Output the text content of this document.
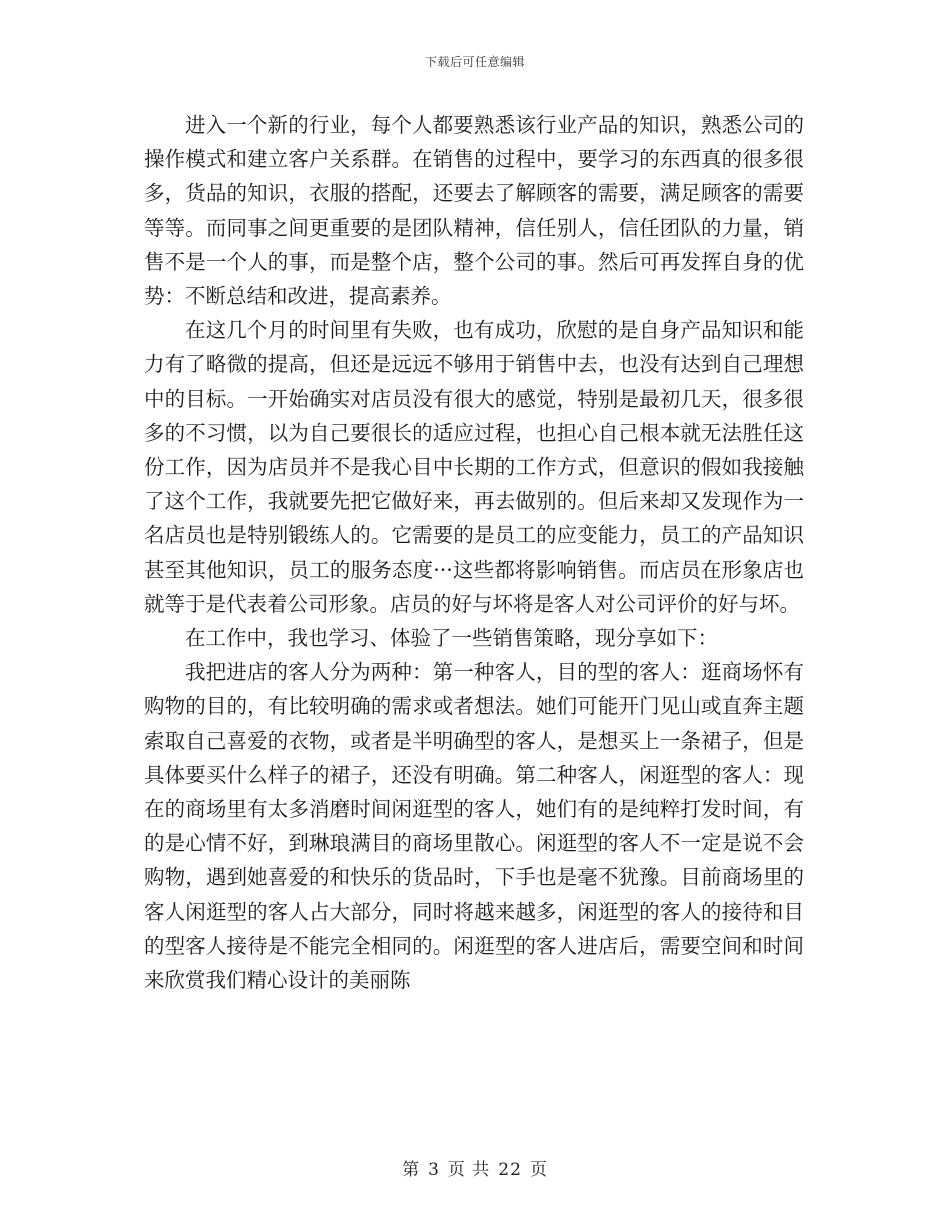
下载后可任意编辑

进入一个新的行业，每个人都要熟悉该行业产品的知识，熟悉公司的操作模式和建立客户关系群。在销售的过程中，要学习的东西真的很多很多，货品的知识，衣服的搭配，还要去了解顾客的需要，满足顾客的需要等等。而同事之间更重要的是团队精神，信任别人，信任团队的力量，销售不是一个人的事，而是整个店，整个公司的事。然后可再发挥自身的优势：不断总结和改进，提高素养。

在这几个月的时间里有失败，也有成功，欣慰的是自身产品知识和能力有了略微的提高，但还是远远不够用于销售中去，也没有达到自己理想中的目标。一开始确实对店员没有很大的感觉，特别是最初几天，很多很多的不习惯，以为自己要很长的适应过程，也担心自己根本就无法胜任这份工作，因为店员并不是我心目中长期的工作方式，但意识的假如我接触了这个工作，我就要先把它做好来，再去做别的。但后来却又发现作为一名店员也是特别锻练人的。它需要的是员工的应变能力，员工的产品知识甚至其他知识，员工的服务态度···这些都将影响销售。而店员在形象店也就等于是代表着公司形象。店员的好与坏将是客人对公司评价的好与坏。

在工作中，我也学习、体验了一些销售策略，现分享如下：

我把进店的客人分为两种：第一种客人，目的型的客人：逛商场怀有购物的目的，有比较明确的需求或者想法。她们可能开门见山或直奔主题索取自己喜爱的衣物，或者是半明确型的客人，是想买上一条裙子，但是具体要买什么样子的裙子，还没有明确。第二种客人，闲逛型的客人：现在的商场里有太多消磨时间闲逛型的客人，她们有的是纯粹打发时间，有的是心情不好，到琳琅满目的商场里散心。闲逛型的客人不一定是说不会购物，遇到她喜爱的和快乐的货品时，下手也是毫不犹豫。目前商场里的客人闲逛型的客人占大部分，同时将越来越多，闲逛型的客人的接待和目的型客人接待是不能完全相同的。闲逛型的客人进店后，需要空间和时间来欣赏我们精心设计的美丽陈

第 3 页 共 22 页
